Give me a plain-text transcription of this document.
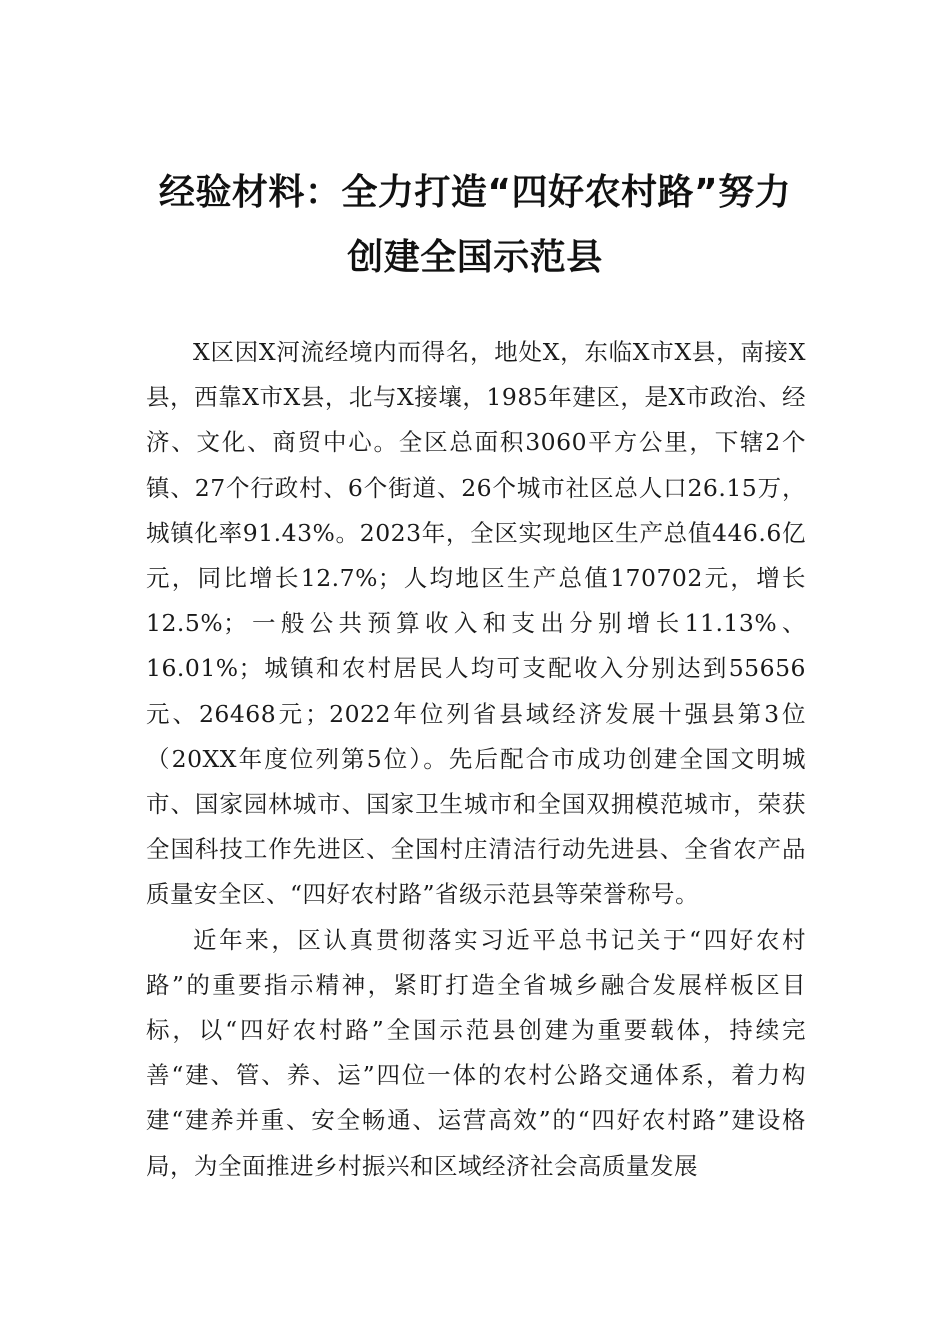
经验材料：全力打造“四好农村路”努力
创建全国示范县

X区因X河流经境内而得名，地处X，东临X市X县，南接X县，西靠X市X县，北与X接壤，1985年建区，是X市政治、经济、文化、商贸中心。全区总面积3060平方公里，下辖2个镇、27个行政村、6个街道、26个城市社区总人口26.15万，城镇化率91.43%。2023年，全区实现地区生产总值446.6亿元，同比增长12.7%；人均地区生产总值170702元，增长12.5%；一般公共预算收入和支出分别增长11.13%、16.01%；城镇和农村居民人均可支配收入分别达到55656元、26468元；2022年位列省县域经济发展十强县第3位（20XX年度位列第5位）。先后配合市成功创建全国文明城市、国家园林城市、国家卫生城市和全国双拥模范城市，荣获全国科技工作先进区、全国村庄清洁行动先进县、全省农产品质量安全区、“四好农村路”省级示范县等荣誉称号。

近年来，区认真贯彻落实习近平总书记关于“四好农村路”的重要指示精神，紧盯打造全省城乡融合发展样板区目标，以“四好农村路”全国示范县创建为重要载体，持续完善“建、管、养、运”四位一体的农村公路交通体系，着力构建“建养并重、安全畅通、运营高效”的“四好农村路”建设格局，为全面推进乡村振兴和区域经济社会高质量发展
